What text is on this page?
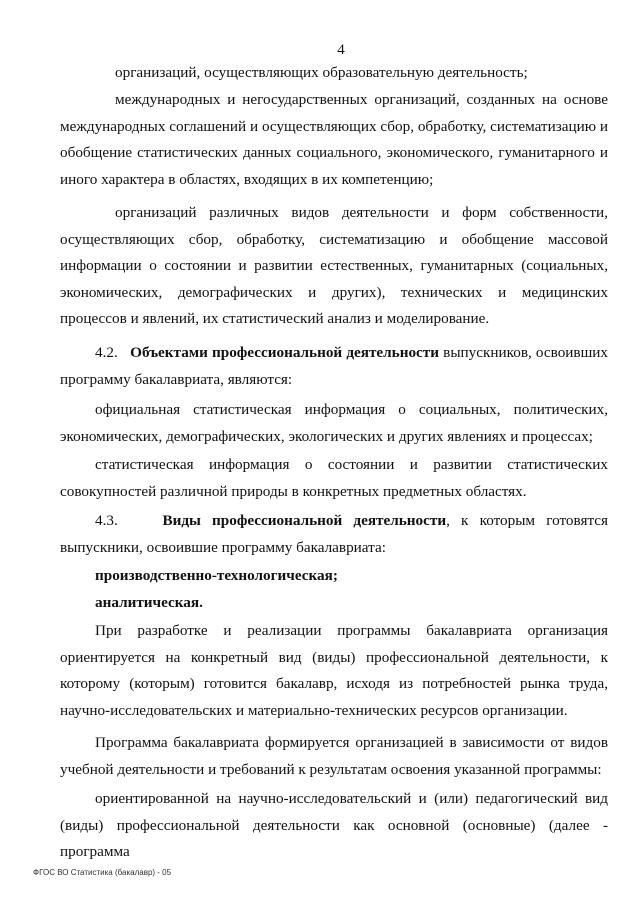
4

организаций, осуществляющих образовательную деятельность;

международных и негосударственных организаций, созданных на основе международных соглашений и осуществляющих сбор, обработку, систематизацию и обобщение статистических данных социального, экономического, гуманитарного и иного характера в областях, входящих в их компетенцию;

организаций различных видов деятельности и форм собственности, осуществляющих сбор, обработку, систематизацию и обобщение массовой информации о состоянии и развитии естественных, гуманитарных (социальных, экономических, демографических и других), технических и медицинских процессов и явлений, их статистический анализ и моделирование.

4.2. Объектами профессиональной деятельности выпускников, освоивших программу бакалавриата, являются:

официальная статистическая информация о социальных, политических, экономических, демографических, экологических и других явлениях и процессах;

статистическая информация о состоянии и развитии статистических совокупностей различной природы в конкретных предметных областях.

4.3.	Виды профессиональной деятельности, к которым готовятся выпускники, освоившие программу бакалавриата:

производственно-технологическая;

аналитическая.

При разработке и реализации программы бакалавриата организация ориентируется на конкретный вид (виды) профессиональной деятельности, к которому (которым) готовится бакалавр, исходя из потребностей рынка труда, научно-исследовательских и материально-технических ресурсов организации.

Программа бакалавриата формируется организацией в зависимости от видов учебной деятельности и требований к результатам освоения указанной программы:

ориентированной на научно-исследовательский и (или) педагогический вид (виды) профессиональной деятельности как основной (основные) (далее - программа

ФГОС ВО Статистика (бакалавр) - 05
